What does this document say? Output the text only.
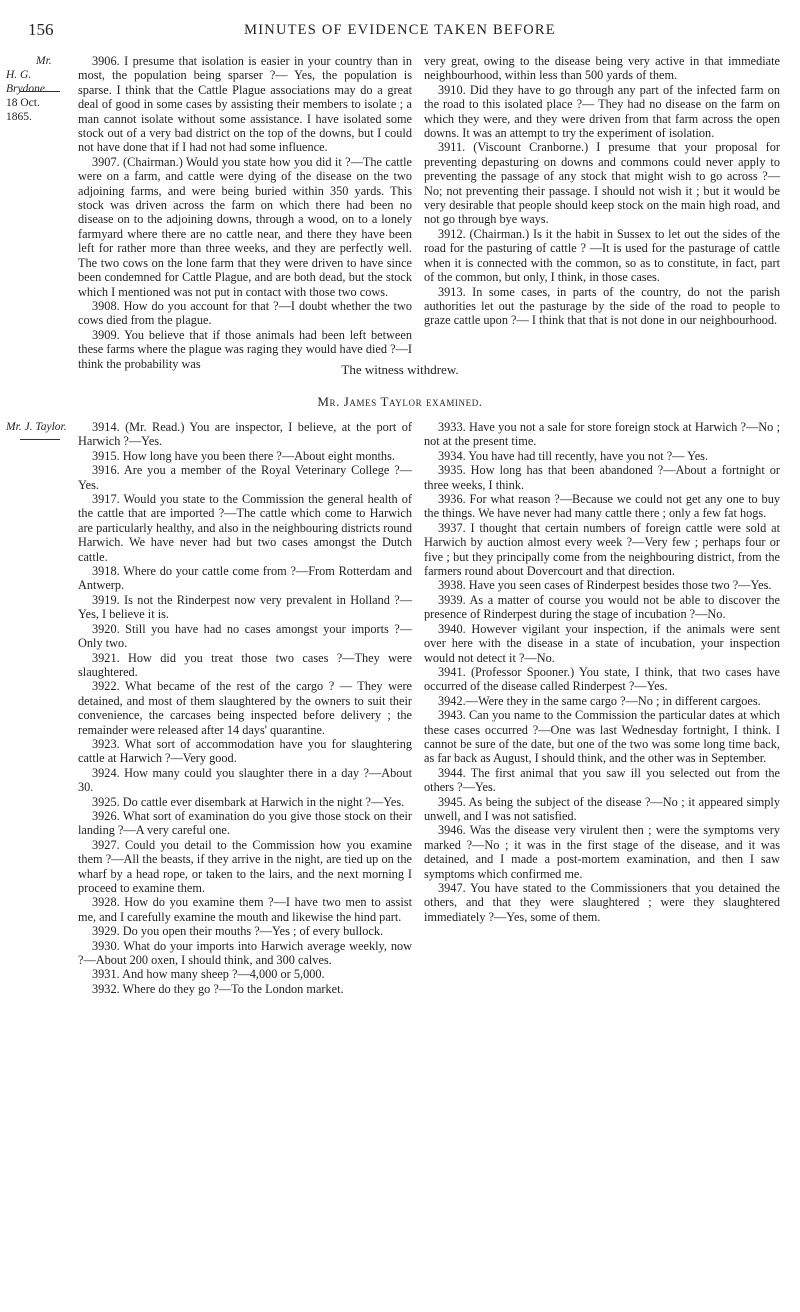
156	MINUTES OF EVIDENCE TAKEN BEFORE
Mr.
H. G. Brydone.
18 Oct. 1865.

3906. I presume that isolation is easier in your country than in most, the population being sparser ?— Yes, the population is sparse. I think that the Cattle Plague associations may do a great deal of good in some cases by assisting their members to isolate ; a man cannot isolate without some assistance. I have isolated some stock out of a very bad district on the top of the downs, but I could not have done that if I had not had some influence.

3907. (Chairman.) Would you state how you did it ?—The cattle were on a farm, and cattle were dying of the disease on the two adjoining farms, and were being buried within 350 yards. This stock was driven across the farm on which there had been no disease on to the adjoining downs, through a wood, on to a lonely farmyard where there are no cattle near, and there they have been left for rather more than three weeks, and they are perfectly well. The two cows on the lone farm that they were driven to have since been condemned for Cattle Plague, and are both dead, but the stock which I mentioned was not put in contact with those two cows.

3908. How do you account for that ?—I doubt whether the two cows died from the plague.

3909. You believe that if those animals had been left between these farms where the plague was raging they would have died ?—I think the probability was

very great, owing to the disease being very active in that immediate neighbourhood, within less than 500 yards of them.

3910. Did they have to go through any part of the infected farm on the road to this isolated place ?— They had no disease on the farm on which they were, and they were driven from that farm across the open downs. It was an attempt to try the experiment of isolation.

3911. (Viscount Cranborne.) I presume that your proposal for preventing depasturing on downs and commons could never apply to preventing the passage of any stock that might wish to go across ?— No; not preventing their passage. I should not wish it ; but it would be very desirable that people should keep stock on the main high road, and not go through bye ways.

3912. (Chairman.) Is it the habit in Sussex to let out the sides of the road for the pasturing of cattle ? —It is used for the pasturage of cattle when it is connected with the common, so as to constitute, in fact, part of the common, but only, I think, in those cases.

3913. In some cases, in parts of the country, do not the parish authorities let out the pasturage by the side of the road to people to graze cattle upon ?— I think that that is not done in our neighbourhood.

The witness withdrew.
Mr. James Taylor examined.
Mr. J. Taylor.	3914. (Mr. Read.) You are inspector, I believe, at the port of Harwich ?—Yes.

3915. How long have you been there ?—About eight months.

3916. Are you a member of the Royal Veterinary College ?—Yes.

3917. Would you state to the Commission the general health of the cattle that are imported ?—The cattle which come to Harwich are particularly healthy, and also in the neighbouring districts round Harwich. We have never had but two cases amongst the Dutch cattle.

3918. Where do your cattle come from ?—From Rotterdam and Antwerp.

3919. Is not the Rinderpest now very prevalent in Holland ?—Yes, I believe it is.

3920. Still you have had no cases amongst your imports ?—Only two.

3921. How did you treat those two cases ?—They were slaughtered.

3922. What became of the rest of the cargo ? — They were detained, and most of them slaughtered by the owners to suit their convenience, the carcases being inspected before delivery ; the remainder were released after 14 days' quarantine.

3923. What sort of accommodation have you for slaughtering cattle at Harwich ?—Very good.

3924. How many could you slaughter there in a day ?—About 30.

3925. Do cattle ever disembark at Harwich in the night ?—Yes.

3926. What sort of examination do you give those stock on their landing ?—A very careful one.

3927. Could you detail to the Commission how you examine them ?—All the beasts, if they arrive in the night, are tied up on the wharf by a head rope, or taken to the lairs, and the next morning I proceed to examine them.

3928. How do you examine them ?—I have two men to assist me, and I carefully examine the mouth and likewise the hind part.

3929. Do you open their mouths ?—Yes ; of every bullock.

3930. What do your imports into Harwich average weekly, now ?—About 200 oxen, I should think, and 300 calves.

3931. And how many sheep ?—4,000 or 5,000.

3932. Where do they go ?—To the London market.

3933. Have you not a sale for store foreign stock at Harwich ?—No ; not at the present time.

3934. You have had till recently, have you not ?— Yes.

3935. How long has that been abandoned ?—About a fortnight or three weeks, I think.

3936. For what reason ?—Because we could not get any one to buy the things. We have never had many cattle there ; only a few fat hogs.

3937. I thought that certain numbers of foreign cattle were sold at Harwich by auction almost every week ?—Very few ; perhaps four or five ; but they principally come from the neighbouring district, from the farmers round about Dovercourt and that direction.

3938. Have you seen cases of Rinderpest besides those two ?—Yes.

3939. As a matter of course you would not be able to discover the presence of Rinderpest during the stage of incubation ?—No.

3940. However vigilant your inspection, if the animals were sent over here with the disease in a state of incubation, your inspection would not detect it ?—No.

3941. (Professor Spooner.) You state, I think, that two cases have occurred of the disease called Rinderpest ?—Yes.

3942.—Were they in the same cargo ?—No ; in different cargoes.

3943. Can you name to the Commission the particular dates at which these cases occurred ?—One was last Wednesday fortnight, I think. I cannot be sure of the date, but one of the two was some long time back, as far back as August, I should think, and the other was in September.

3944. The first animal that you saw ill you selected out from the others ?—Yes.

3945. As being the subject of the disease ?—No ; it appeared simply unwell, and I was not satisfied.

3946. Was the disease very virulent then ; were the symptoms very marked ?—No ; it was in the first stage of the disease, and it was detained, and I made a post-mortem examination, and then I saw symptoms which confirmed me.

3947. You have stated to the Commissioners that you detained the others, and that they were slaughtered ; were they slaughtered immediately ?—Yes, some of them.
